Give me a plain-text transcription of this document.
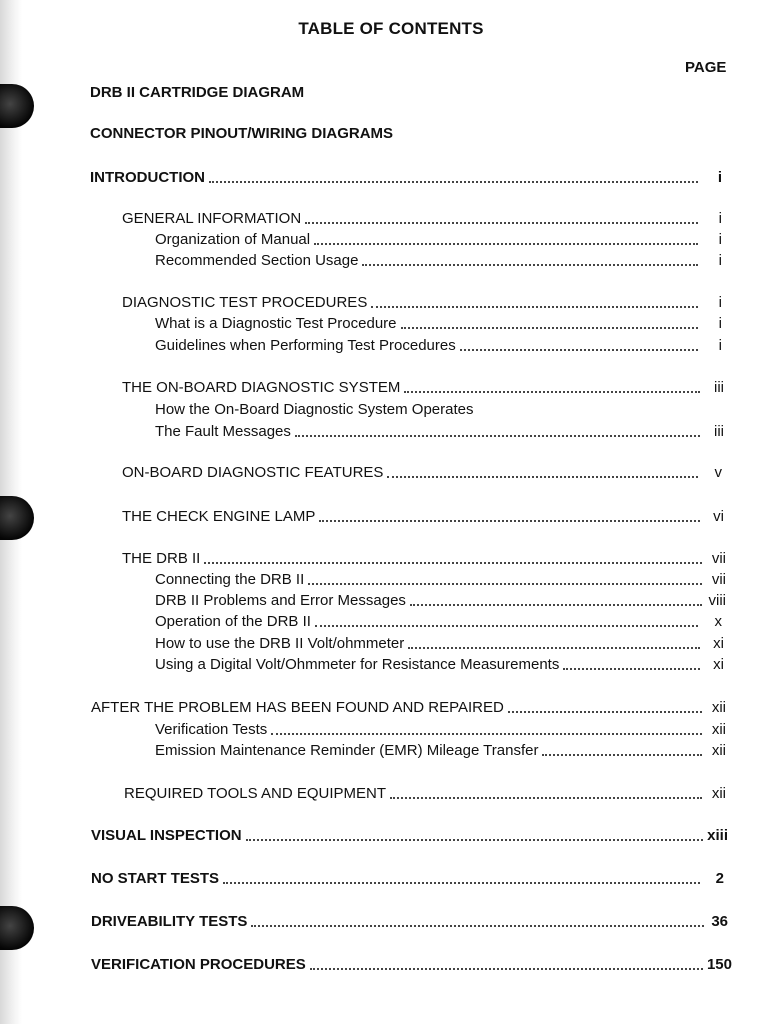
TABLE OF CONTENTS
PAGE
DRB II CARTRIDGE DIAGRAM
CONNECTOR PINOUT/WIRING DIAGRAMS
INTRODUCTION	i
GENERAL INFORMATION	i
Organization of Manual	i
Recommended Section Usage	i
DIAGNOSTIC TEST PROCEDURES	i
What is a Diagnostic Test Procedure	i
Guidelines when Performing Test Procedures	i
THE ON-BOARD DIAGNOSTIC SYSTEM	iii
How the On-Board Diagnostic System Operates
The Fault Messages	iii
ON-BOARD DIAGNOSTIC FEATURES	v
THE CHECK ENGINE LAMP	vi
THE DRB II	vii
Connecting the DRB II	vii
DRB II Problems and Error Messages	viii
Operation of the DRB II	x
How to use the DRB II Volt/ohmmeter	xi
Using a Digital Volt/Ohmmeter for Resistance Measurements	xi
AFTER THE PROBLEM HAS BEEN FOUND AND REPAIRED	xii
Verification Tests	xii
Emission Maintenance Reminder (EMR) Mileage Transfer	xii
REQUIRED TOOLS AND EQUIPMENT	xii
VISUAL INSPECTION	xiii
NO START TESTS	2
DRIVEABILITY TESTS	36
VERIFICATION PROCEDURES	150
